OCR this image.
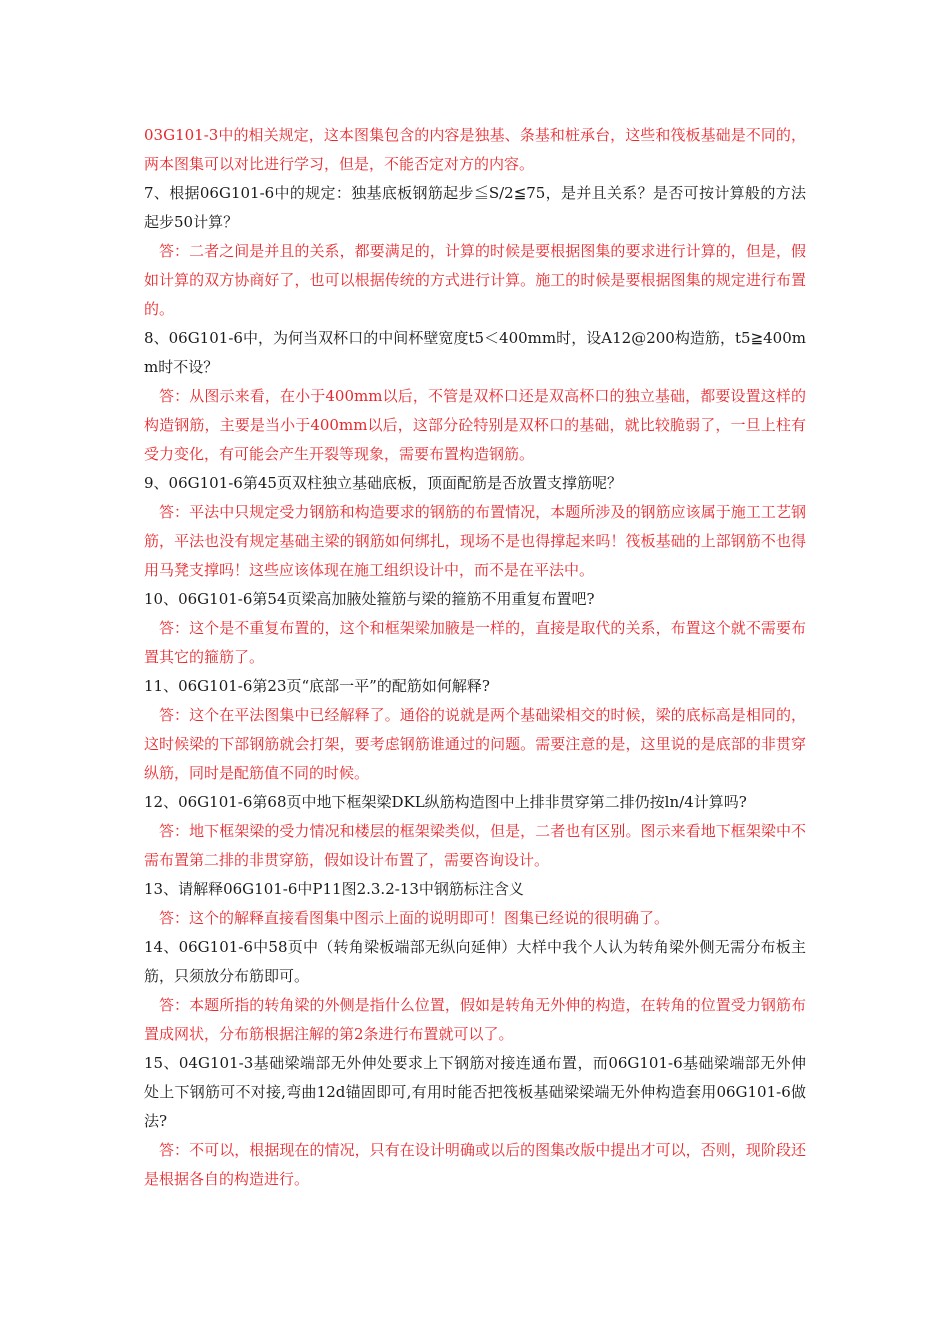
03G101-3中的相关规定，这本图集包含的内容是独基、条基和桩承台，这些和筏板基础是不同的，两本图集可以对比进行学习，但是，不能否定对方的内容。

7、根据06G101-6中的规定：独基底板钢筋起步≦S/2≦75，是并且关系？是否可按计算般的方法起步50计算？

答：二者之间是并且的关系，都要满足的，计算的时候是要根据图集的要求进行计算的，但是，假如计算的双方协商好了，也可以根据传统的方式进行计算。施工的时候是要根据图集的规定进行布置的。

8、06G101-6中，为何当双杯口的中间杯壁宽度t5＜400mm时，设A12@200构造筋，t5≧400mm时不设？

答：从图示来看，在小于400mm以后，不管是双杯口还是双高杯口的独立基础，都要设置这样的构造钢筋，主要是当小于400mm以后，这部分砼特别是双杯口的基础，就比较脆弱了，一旦上柱有受力变化，有可能会产生开裂等现象，需要布置构造钢筋。

9、06G101-6第45页双柱独立基础底板，顶面配筋是否放置支撑筋呢？

答：平法中只规定受力钢筋和构造要求的钢筋的布置情况，本题所涉及的钢筋应该属于施工工艺钢筋，平法也没有规定基础主梁的钢筋如何绑扎，现场不是也得撑起来吗！筏板基础的上部钢筋不也得用马凳支撑吗！这些应该体现在施工组织设计中，而不是在平法中。

10、06G101-6第54页梁高加腋处箍筋与梁的箍筋不用重复布置吧?

答：这个是不重复布置的，这个和框架梁加腋是一样的，直接是取代的关系，布置这个就不需要布置其它的箍筋了。

11、06G101-6第23页“底部一平”的配筋如何解释?

答：这个在平法图集中已经解释了。通俗的说就是两个基础梁相交的时候，梁的底标高是相同的，这时候梁的下部钢筋就会打架，要考虑钢筋谁通过的问题。需要注意的是，这里说的是底部的非贯穿纵筋，同时是配筋值不同的时候。

12、06G101-6第68页中地下框架梁DKL纵筋构造图中上排非贯穿第二排仍按ln/4计算吗?

答：地下框架梁的受力情况和楼层的框架梁类似，但是，二者也有区别。图示来看地下框架梁中不需布置第二排的非贯穿筋，假如设计布置了，需要咨询设计。

13、请解释06G101-6中P11图2.3.2-13中钢筋标注含义

答：这个的解释直接看图集中图示上面的说明即可！图集已经说的很明确了。

14、06G101-6中58页中（转角梁板端部无纵向延伸）大样中我个人认为转角梁外侧无需分布板主筋，只须放分布筋即可。

答：本题所指的转角梁的外侧是指什么位置，假如是转角无外伸的构造，在转角的位置受力钢筋布置成网状，分布筋根据注解的第2条进行布置就可以了。

15、04G101-3基础梁端部无外伸处要求上下钢筋对接连通布置，而06G101-6基础梁端部无外伸处上下钢筋可不对接,弯曲12d锚固即可,有用时能否把筏板基础梁梁端无外伸构造套用06G101-6做法?

答：不可以，根据现在的情况，只有在设计明确或以后的图集改版中提出才可以，否则，现阶段还是根据各自的构造进行。
